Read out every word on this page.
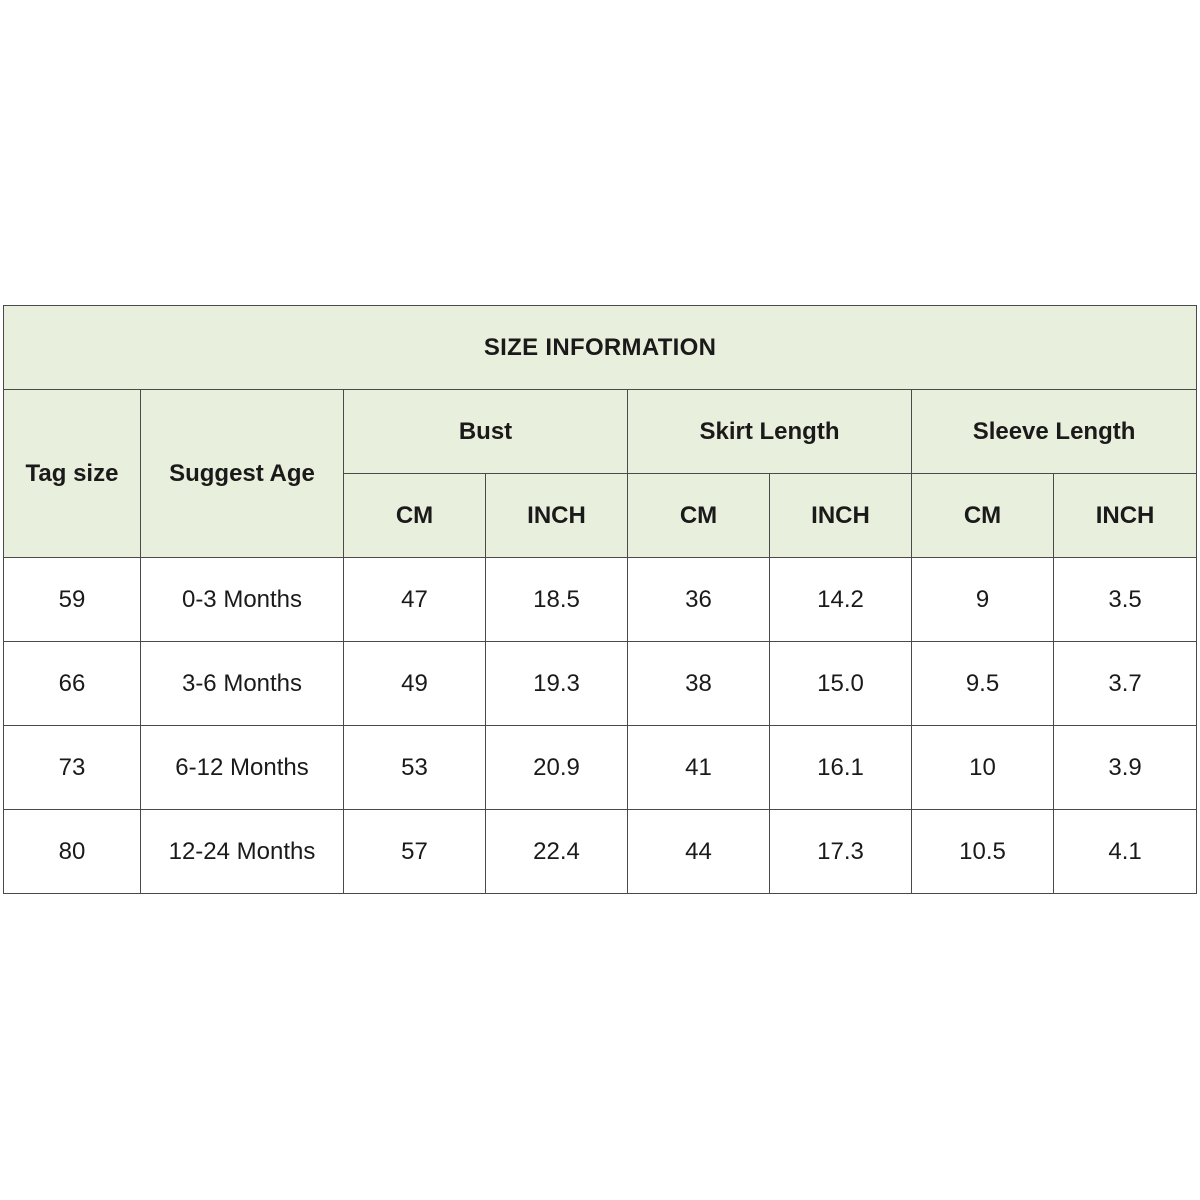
SIZE INFORMATION							
Tag size	Suggest Age	Bust		Skirt Length		Sleeve Length	
		CM	INCH	CM	INCH	CM	INCH
59	0-3 Months	47	18.5	36	14.2	9	3.5
66	3-6 Months	49	19.3	38	15.0	9.5	3.7
73	6-12 Months	53	20.9	41	16.1	10	3.9
80	12-24 Months	57	22.4	44	17.3	10.5	4.1
